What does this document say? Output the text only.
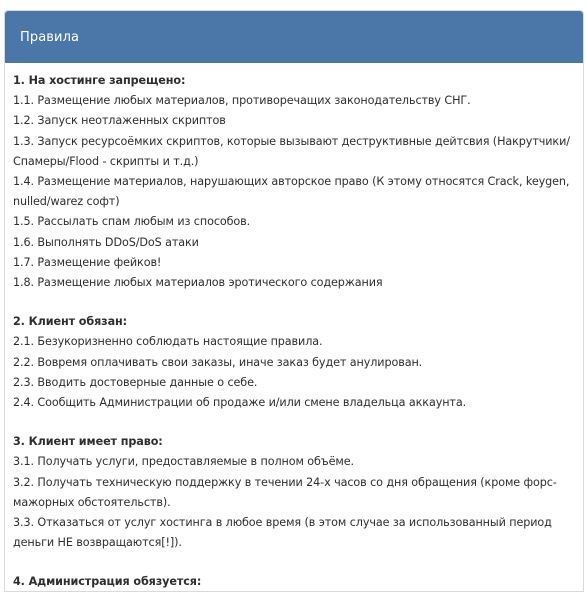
Правила
1. На хостинге запрещено:
1.1. Размещение любых материалов, противоречащих законодательству СНГ.
1.2. Запуск неотлаженных скриптов
1.3. Запуск ресурсоёмких скриптов, которые вызывают деструктивные дейтсвия (Накрутчики/Спамеры/Flood - скрипты и т.д.)
1.4. Размещение материалов, нарушающих авторское право (К этому относятся Crack, keygen, nulled/warez софт)
1.5. Рассылать спам любым из способов.
1.6. Выполнять DDoS/DoS атаки
1.7. Размещение фейков!
1.8. Размещение любых материалов эротического содержания
2. Клиент обязан:
2.1. Безукоризненно соблюдать настоящие правила.
2.2. Вовремя оплачивать свои заказы, иначе заказ будет анулирован.
2.3. Вводить достоверные данные о себе.
2.4. Сообщить Администрации об продаже и/или смене владельца аккаунта.
3. Клиент имеет право:
3.1. Получать услуги, предоставляемые в полном объёме.
3.2. Получать техническую поддержку в течении 24-х часов со дня обращения (кроме форс-мажорных обстоятельств).
3.3. Отказаться от услуг хостинга в любое время (в этом случае за использованный период деньги НЕ возвращаются[!]).
4. Администрация обязуется:
